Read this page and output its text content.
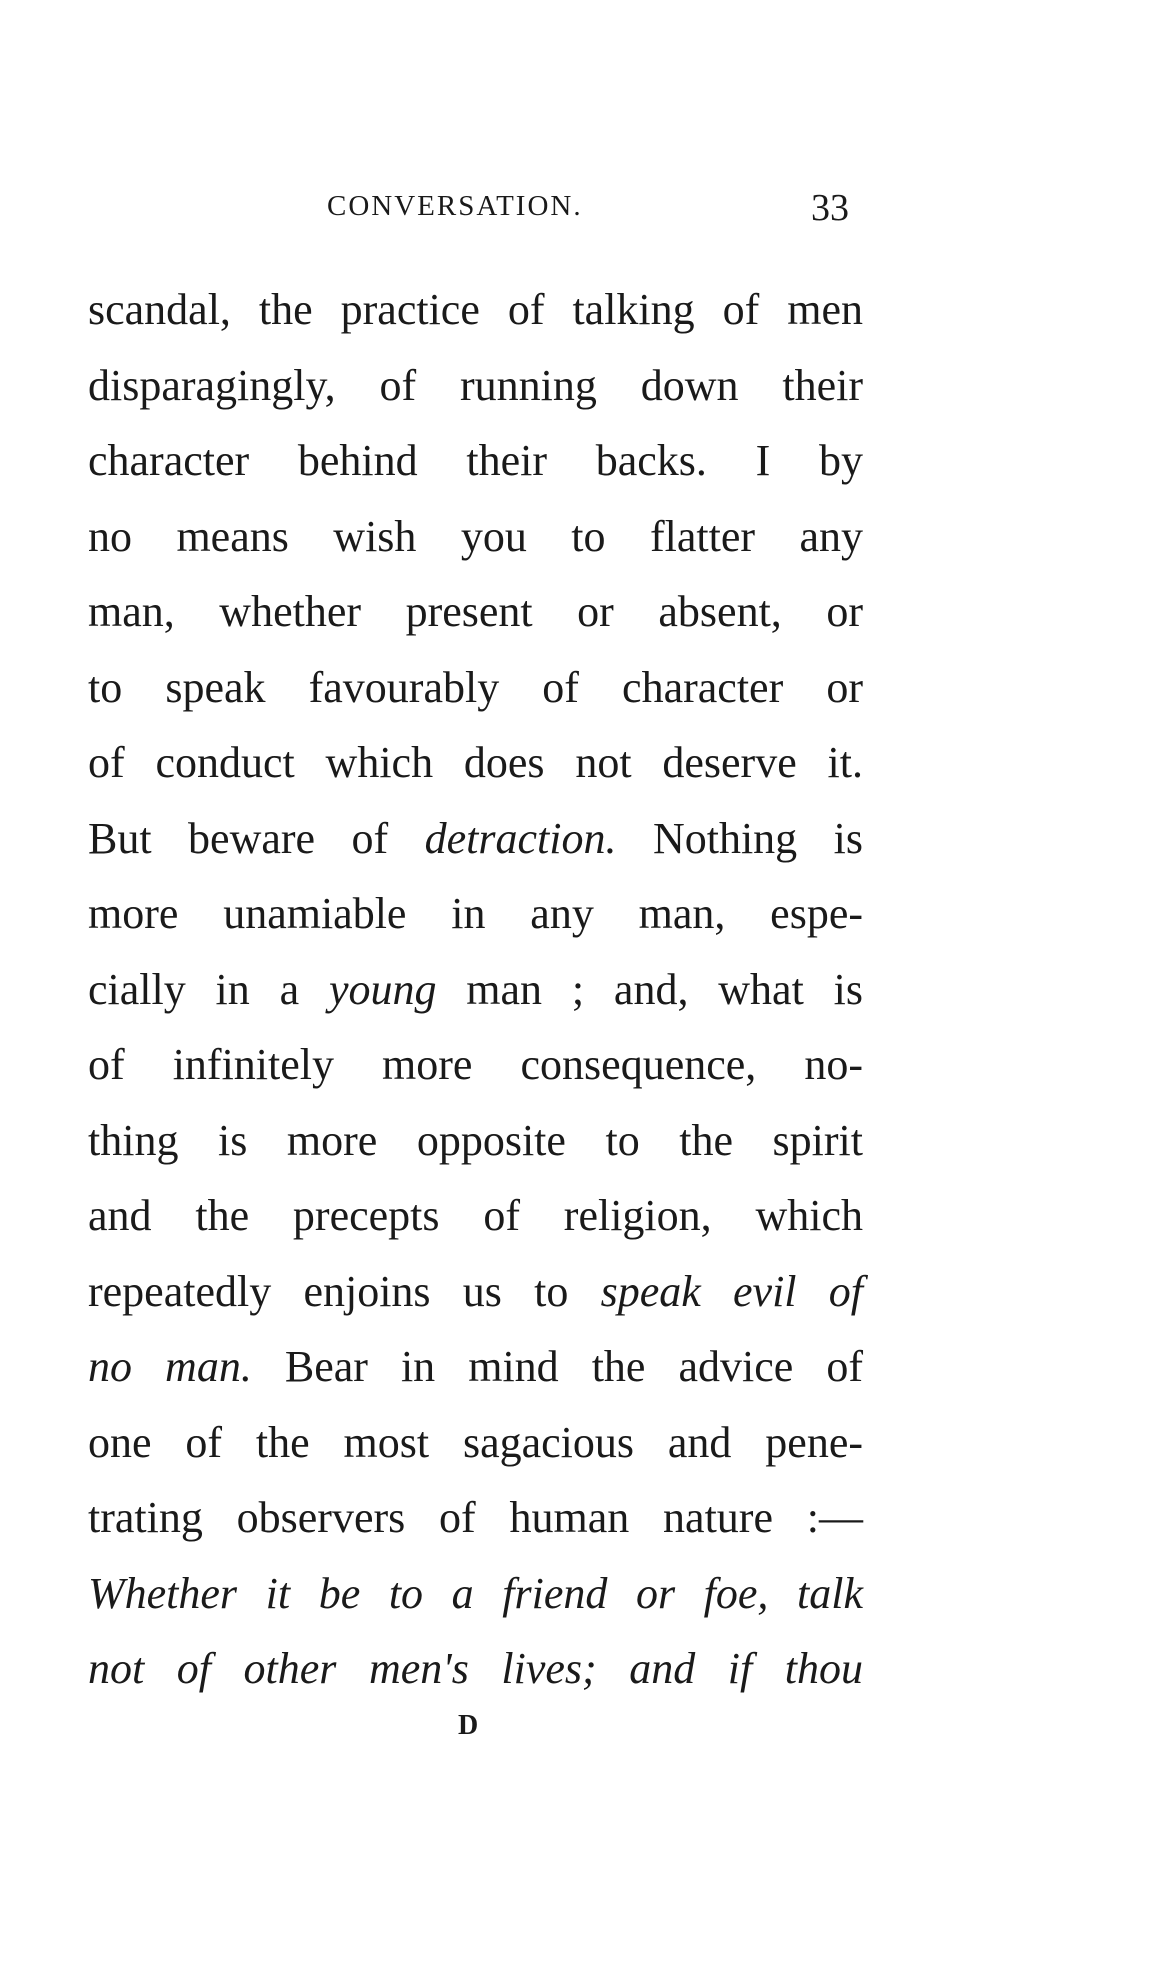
CONVERSATION.	33
scandal, the practice of talking of men
disparagingly, of running down their
character behind their backs. I by
no means wish you to flatter any
man, whether present or absent, or
to speak favourably of character or
of conduct which does not deserve it.
But beware of detraction. Nothing is
more unamiable in any man, espe-
cially in a young man ; and, what is
of infinitely more consequence, no-
thing is more opposite to the spirit
and the precepts of religion, which
repeatedly enjoins us to speak evil of
no man. Bear in mind the advice of
one of the most sagacious and pene-
trating observers of human nature :—
Whether it be to a friend or foe, talk
not of other men's lives; and if thou
D
